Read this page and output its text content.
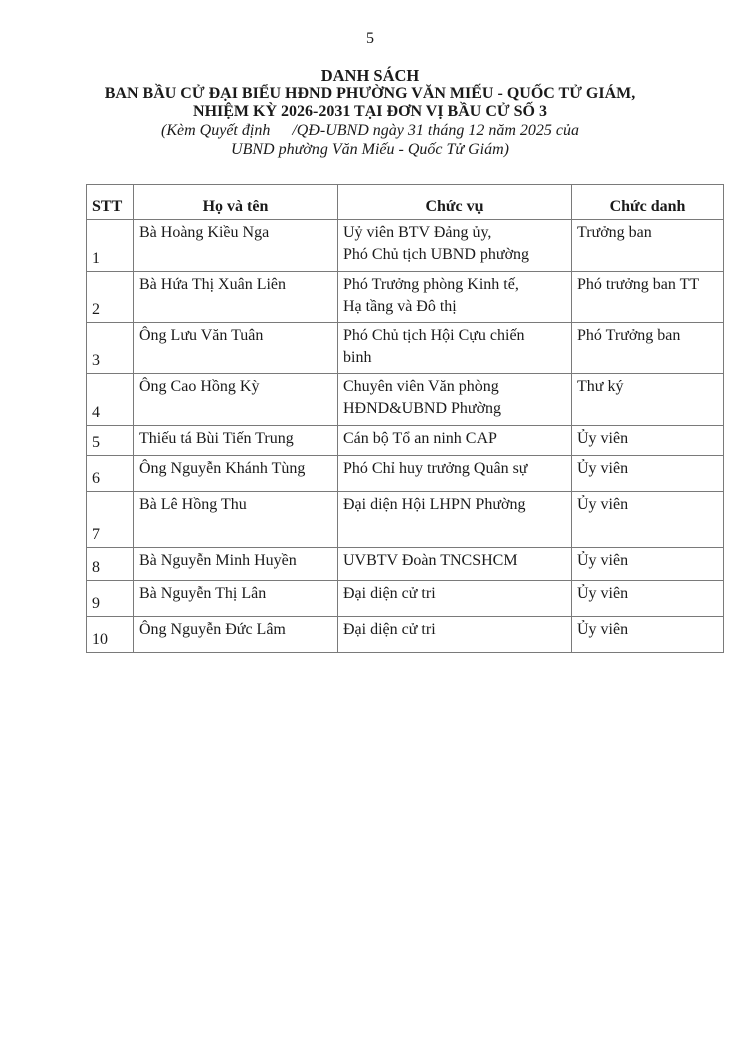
5
DANH SÁCH
BAN BẦU CỬ ĐẠI BIỂU HĐND PHƯỜNG VĂN MIẾU - QUỐC TỬ GIÁM,
NHIỆM KỲ 2026-2031 TẠI ĐƠN VỊ BẦU CỬ SỐ 3
(Kèm Quyết định /QĐ-UBND ngày 31 tháng 12 năm 2025 của
UBND phường Văn Miếu - Quốc Tử Giám)
STT	Họ và tên	Chức vụ	Chức danh
1	Bà Hoàng Kiều Nga	Uỷ viên BTV Đảng ủy,
Phó Chủ tịch UBND phường	Trưởng ban
2	Bà Hứa Thị Xuân Liên	Phó Trưởng phòng Kinh tế,
Hạ tầng và Đô thị	Phó trưởng ban TT
3	Ông Lưu Văn Tuân	Phó Chủ tịch Hội Cựu chiến
binh	Phó Trưởng ban
4	Ông Cao Hồng Kỳ	Chuyên viên Văn phòng
HĐND&UBND Phường	Thư ký
5	Thiếu tá Bùi Tiến Trung	Cán bộ Tổ an ninh CAP	Ủy viên
6	Ông Nguyễn Khánh Tùng	Phó Chỉ huy trưởng Quân sự	Ủy viên
7	Bà Lê Hồng Thu	Đại diện Hội LHPN Phường	Ủy viên
8	Bà Nguyễn Minh Huyền	UVBTV Đoàn TNCSHCM	Ủy viên
9	Bà Nguyễn Thị Lân	Đại diện cử tri	Ủy viên
10	Ông Nguyễn Đức Lâm	Đại diện cử tri	Ủy viên
